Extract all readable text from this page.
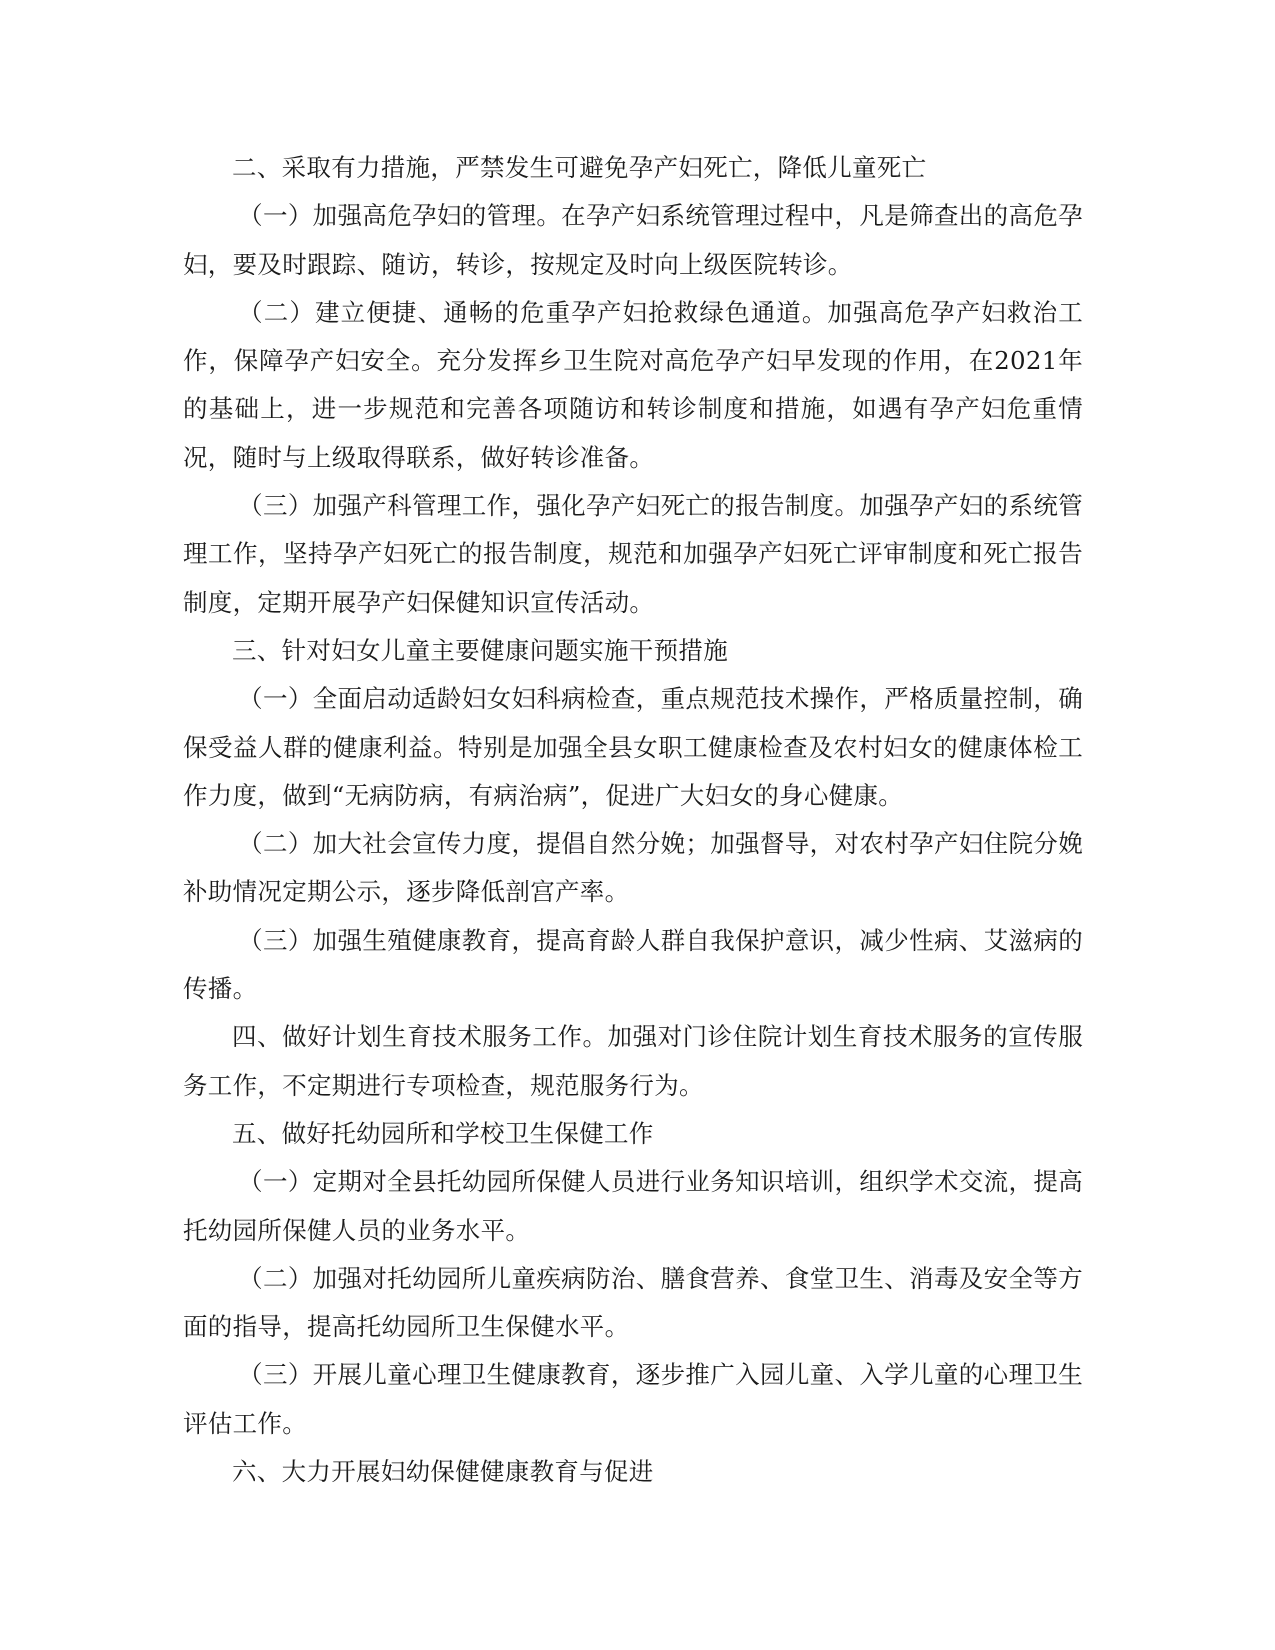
二、采取有力措施，严禁发生可避免孕产妇死亡，降低儿童死亡

（一）加强高危孕妇的管理。在孕产妇系统管理过程中，凡是筛查出的高危孕妇，要及时跟踪、随访，转诊，按规定及时向上级医院转诊。

（二）建立便捷、通畅的危重孕产妇抢救绿色通道。加强高危孕产妇救治工作，保障孕产妇安全。充分发挥乡卫生院对高危孕产妇早发现的作用，在2021年的基础上，进一步规范和完善各项随访和转诊制度和措施，如遇有孕产妇危重情况，随时与上级取得联系，做好转诊准备。

（三）加强产科管理工作，强化孕产妇死亡的报告制度。加强孕产妇的系统管理工作，坚持孕产妇死亡的报告制度，规范和加强孕产妇死亡评审制度和死亡报告制度，定期开展孕产妇保健知识宣传活动。

三、针对妇女儿童主要健康问题实施干预措施

（一）全面启动适龄妇女妇科病检查，重点规范技术操作，严格质量控制，确保受益人群的健康利益。特别是加强全县女职工健康检查及农村妇女的健康体检工作力度，做到“无病防病，有病治病”，促进广大妇女的身心健康。

（二）加大社会宣传力度，提倡自然分娩；加强督导，对农村孕产妇住院分娩补助情况定期公示，逐步降低剖宫产率。

（三）加强生殖健康教育，提高育龄人群自我保护意识，减少性病、艾滋病的传播。

四、做好计划生育技术服务工作。加强对门诊住院计划生育技术服务的宣传服务工作，不定期进行专项检查，规范服务行为。

五、做好托幼园所和学校卫生保健工作

（一）定期对全县托幼园所保健人员进行业务知识培训，组织学术交流，提高托幼园所保健人员的业务水平。

（二）加强对托幼园所儿童疾病防治、膳食营养、食堂卫生、消毒及安全等方面的指导，提高托幼园所卫生保健水平。

（三）开展儿童心理卫生健康教育，逐步推广入园儿童、入学儿童的心理卫生评估工作。

六、大力开展妇幼保健健康教育与促进
